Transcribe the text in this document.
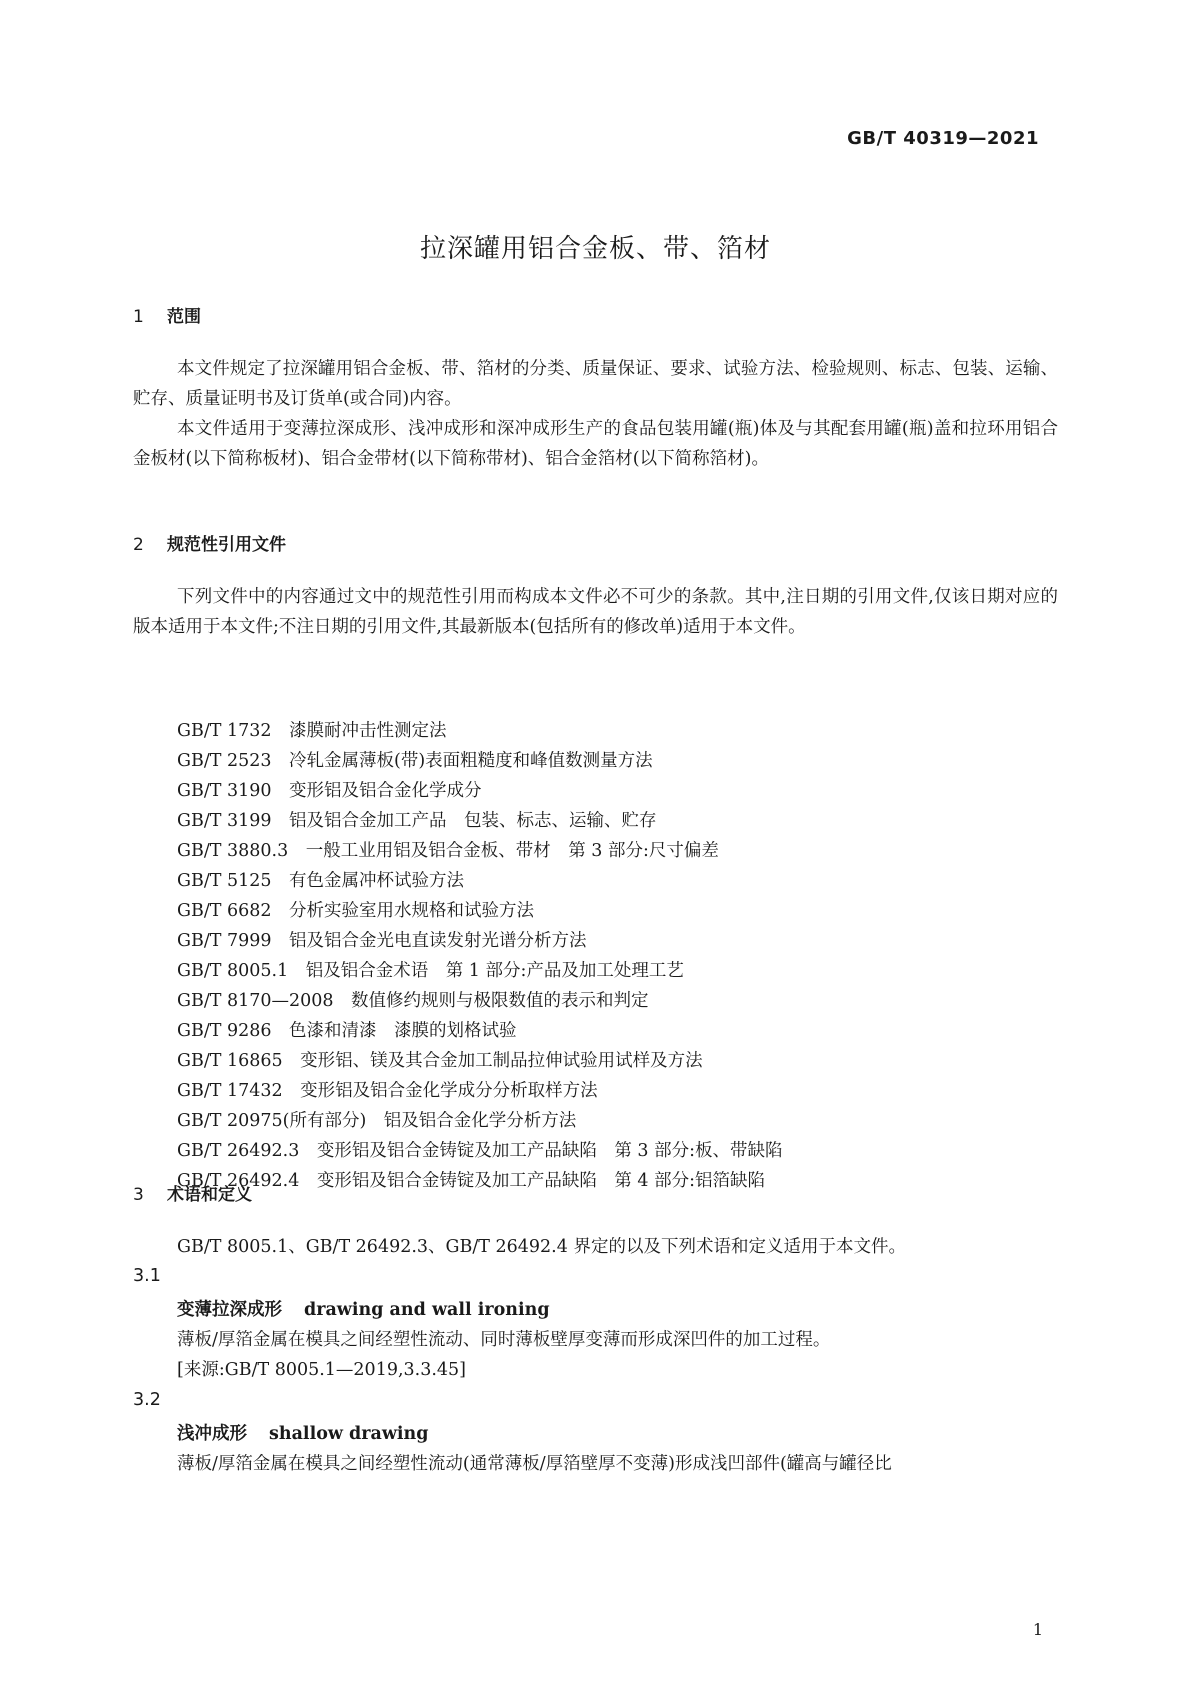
GB/T 40319—2021
拉深罐用铝合金板、带、箔材
1 范围

本文件规定了拉深罐用铝合金板、带、箔材的分类、质量保证、要求、试验方法、检验规则、标志、包装、运输、贮存、质量证明书及订货单(或合同)内容。

本文件适用于变薄拉深成形、浅冲成形和深冲成形生产的食品包装用罐(瓶)体及与其配套用罐(瓶)盖和拉环用铝合金板材(以下简称板材)、铝合金带材(以下简称带材)、铝合金箔材(以下简称箔材)。

2 规范性引用文件

下列文件中的内容通过文中的规范性引用而构成本文件必不可少的条款。其中,注日期的引用文件,仅该日期对应的版本适用于本文件;不注日期的引用文件,其最新版本(包括所有的修改单)适用于本文件。

GB/T 1732　漆膜耐冲击性测定法
GB/T 2523　冷轧金属薄板(带)表面粗糙度和峰值数测量方法
GB/T 3190　变形铝及铝合金化学成分
GB/T 3199　铝及铝合金加工产品　包装、标志、运输、贮存
GB/T 3880.3　一般工业用铝及铝合金板、带材　第 3 部分:尺寸偏差
GB/T 5125　有色金属冲杯试验方法
GB/T 6682　分析实验室用水规格和试验方法
GB/T 7999　铝及铝合金光电直读发射光谱分析方法
GB/T 8005.1　铝及铝合金术语　第 1 部分:产品及加工处理工艺
GB/T 8170—2008　数值修约规则与极限数值的表示和判定
GB/T 9286　色漆和清漆　漆膜的划格试验
GB/T 16865　变形铝、镁及其合金加工制品拉伸试验用试样及方法
GB/T 17432　变形铝及铝合金化学成分分析取样方法
GB/T 20975(所有部分)　铝及铝合金化学分析方法
GB/T 26492.3　变形铝及铝合金铸锭及加工产品缺陷　第 3 部分:板、带缺陷
GB/T 26492.4　变形铝及铝合金铸锭及加工产品缺陷　第 4 部分:铝箔缺陷
3 术语和定义

GB/T 8005.1、GB/T 26492.3、GB/T 26492.4 界定的以及下列术语和定义适用于本文件。

3.1
变薄拉深成形 drawing and wall ironing
薄板/厚箔金属在模具之间经塑性流动、同时薄板壁厚变薄而形成深凹件的加工过程。
[来源:GB/T 8005.1—2019,3.3.45]
3.2
浅冲成形 shallow drawing
薄板/厚箔金属在模具之间经塑性流动(通常薄板/厚箔壁厚不变薄)形成浅凹部件(罐高与罐径比
1
